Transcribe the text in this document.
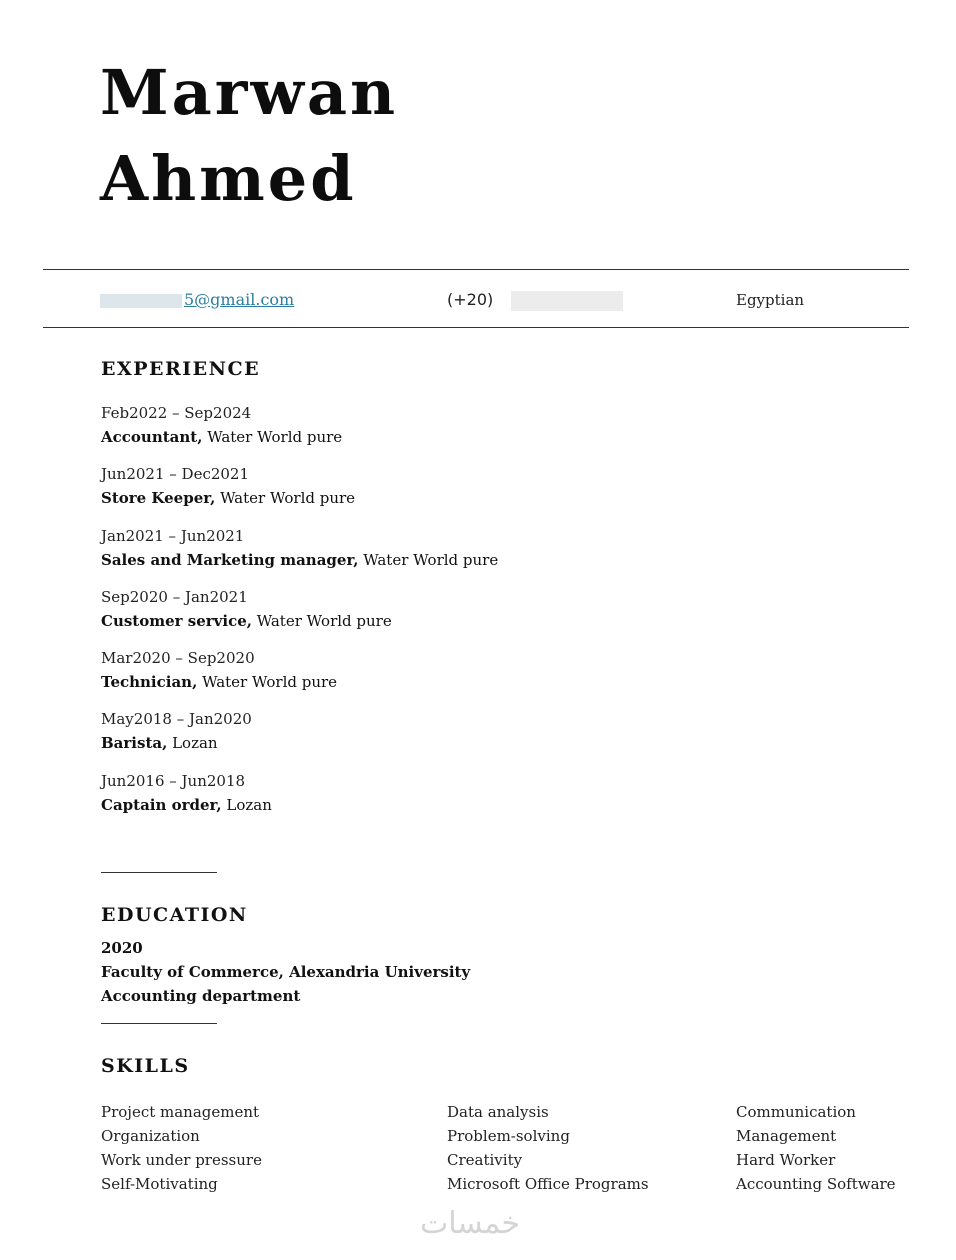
Marwan
Ahmed
5@gmail.com	(+20)	Egyptian
EXPERIENCE
Feb2022 – Sep2024
Accountant, Water World pure
Jun2021 – Dec2021
Store Keeper, Water World pure
Jan2021 – Jun2021
Sales and Marketing manager, Water World pure
Sep2020 – Jan2021
Customer service, Water World pure
Mar2020 – Sep2020
Technician, Water World pure
May2018 – Jan2020
Barista, Lozan
Jun2016 – Jun2018
Captain order, Lozan
EDUCATION
2020
Faculty of Commerce, Alexandria University
Accounting department
SKILLS
Project management
Organization
Work under pressure
Self-Motivating
Data analysis
Problem-solving
Creativity
Microsoft Office Programs
Communication
Management
Hard Worker
Accounting Software
خمسات
